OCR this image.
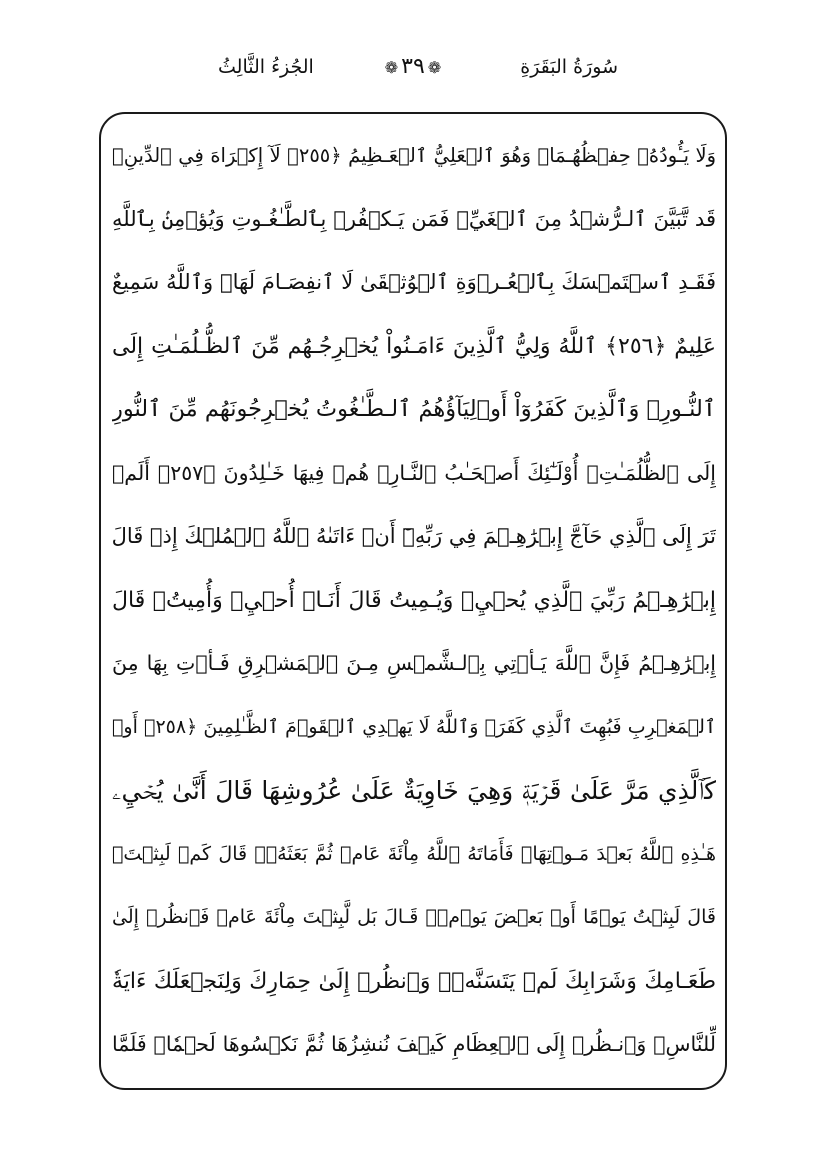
سُورَةُ البَقَرَةِ
❁ ٣٩ ❁
الجُزءُ الثَّالِثُ
وَلَا يَـُٔودُهُۥ حِفۡظُهُـمَاۚ وَهُوَ ٱلۡعَلِيُّ ٱلۡعَـظِيمُ ﴿٢٥٥﴾ لَآ إِكۡرَاهَ فِي ٱلدِّينِۖ
قَد تَّبَيَّنَ ٱلـرُّشۡدُ مِنَ ٱلۡغَيِّۚ فَمَن يَـكۡفُرۡ بِٱلطَّـٰغُـوتِ وَيُؤۡمِنۢ بِٱللَّهِ
فَقَـدِ ٱسۡتَمۡسَكَ بِٱلۡعُـرۡوَةِ ٱلۡوُثۡقَىٰ لَا ٱنفِصَـامَ لَهَاۗ وَٱللَّهُ سَمِيعٌ
عَلِيمٌ ﴿٢٥٦﴾ ٱللَّهُ وَلِيُّ ٱلَّذِينَ ءَامَـنُواْ يُخۡرِجُـهُم مِّنَ ٱلظُّـلُمَـٰتِ إِلَى
ٱلنُّـورِۖ وَٱلَّذِينَ كَفَرُوٓاْ أَوۡلِيَآؤُهُمُ ٱلـطَّـٰغُوتُ يُخۡرِجُونَهُم مِّنَ ٱلنُّورِ
إِلَى ٱلظُّلُمَـٰتِۗ أُوْلَـٰٓئِكَ أَصۡحَـٰبُ ٱلنَّـارِۖ هُمۡ فِيهَا خَـٰلِدُونَ ﴿٢٥٧﴾ أَلَمۡ
تَرَ إِلَى ٱلَّذِي حَآجَّ إِبۡرَٰهِـۧمَ فِي رَبِّهِۦٓ أَنۡ ءَاتَىٰهُ ٱللَّهُ ٱلۡمُلۡكَ إِذۡ قَالَ
إِبۡرَٰهِـۧمُ رَبِّيَ ٱلَّذِي يُحۡيِۦ وَيُـمِيتُ قَالَ أَنَـا۠ أُحۡيِۦ وَأُمِيتُۖ قَالَ
إِبۡرَٰهِـۧمُ فَإِنَّ ٱللَّهَ يَـأۡتِي بِٱلـشَّمۡسِ مِـنَ ٱلۡمَشۡرِقِ فَـأۡتِ بِهَا مِنَ
ٱلۡمَغۡرِبِ فَبُهِتَ ٱلَّذِي كَفَرَۗ وَٱللَّهُ لَا يَهۡدِي ٱلۡقَوۡمَ ٱلظَّـٰلِمِينَ ﴿٢٥٨﴾ أَوۡ
كَٱلَّذِي مَرَّ عَلَىٰ قَرۡيَةٖ وَهِيَ خَاوِيَةٌ عَلَىٰ عُرُوشِهَا قَالَ أَنَّىٰ يُحۡيِۦ
هَـٰذِهِ ٱللَّهُ بَعۡدَ مَـوۡتِهَاۖ فَأَمَاتَهُ ٱللَّهُ مِاْئَةَ عَامٖ ثُمَّ بَعَثَهُۥۖ قَالَ كَمۡ لَبِثۡتَۖ
قَالَ لَبِثۡتُ يَوۡمًا أَوۡ بَعۡضَ يَوۡمٖۖ قَـالَ بَل لَّبِثۡتَ مِاْئَةَ عَامٖ فَٱنظُرۡ إِلَىٰ
طَعَـامِكَ وَشَرَابِكَ لَمۡ يَتَسَنَّهۡۖ وَٱنظُرۡ إِلَىٰ حِمَارِكَ وَلِنَجۡعَلَكَ ءَايَةٗ
لِّلنَّاسِۖ وَٱنـظُرۡ إِلَى ٱلۡعِظَامِ كَيۡفَ نُنشِزُهَا ثُمَّ نَكۡسُوهَا لَحۡمٗاۚ فَلَمَّا
